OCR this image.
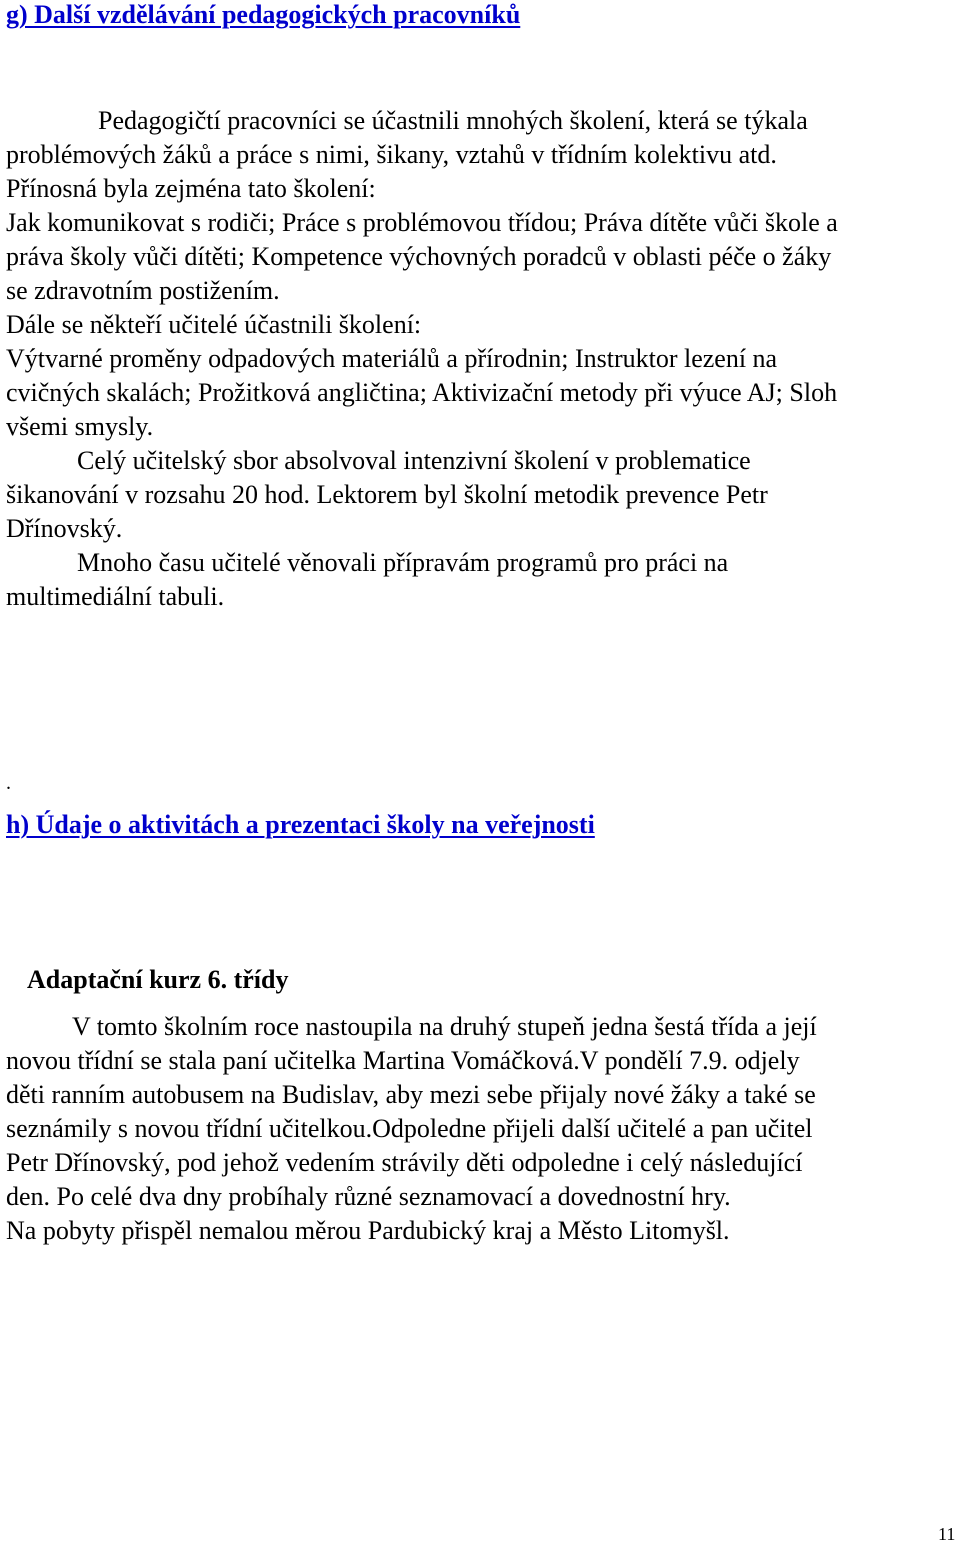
g) Další vzdělávání pedagogických pracovníků

Pedagogičtí pracovníci se účastnili mnohých školení, která se týkala

problémových žáků a práce s nimi, šikany, vztahů v třídním kolektivu atd.

Přínosná byla zejména tato školení:

Jak komunikovat s rodiči; Práce s problémovou třídou; Práva dítěte vůči škole a

práva školy vůči dítěti; Kompetence výchovných poradců v oblasti péče o žáky

se zdravotním postižením.

Dále se někteří učitelé účastnili školení:

Výtvarné proměny odpadových materiálů a přírodnin; Instruktor lezení na

cvičných skalách; Prožitková angličtina; Aktivizační metody při výuce AJ; Sloh

všemi smysly.

Celý učitelský sbor absolvoval intenzivní školení v problematice

šikanování v rozsahu 20 hod. Lektorem byl školní metodik prevence Petr

Dřínovský.

Mnoho času učitelé věnovali přípravám programů pro práci na

multimediální tabuli.

.

h) Údaje o aktivitách a prezentaci školy na veřejnosti
Adaptační kurz 6. třídy

V tomto školním roce nastoupila na druhý stupeň jedna šestá třída a její

novou třídní se stala paní učitelka Martina Vomáčková.V pondělí 7.9. odjely

děti ranním autobusem na Budislav, aby mezi sebe přijaly nové žáky a také se

seznámily s novou třídní učitelkou.Odpoledne přijeli další učitelé a pan učitel

Petr Dřínovský, pod jehož vedením strávily děti odpoledne i celý následující

den. Po celé dva dny probíhaly různé seznamovací a dovednostní hry.

Na pobyty přispěl nemalou měrou Pardubický kraj a Město Litomyšl.

11
